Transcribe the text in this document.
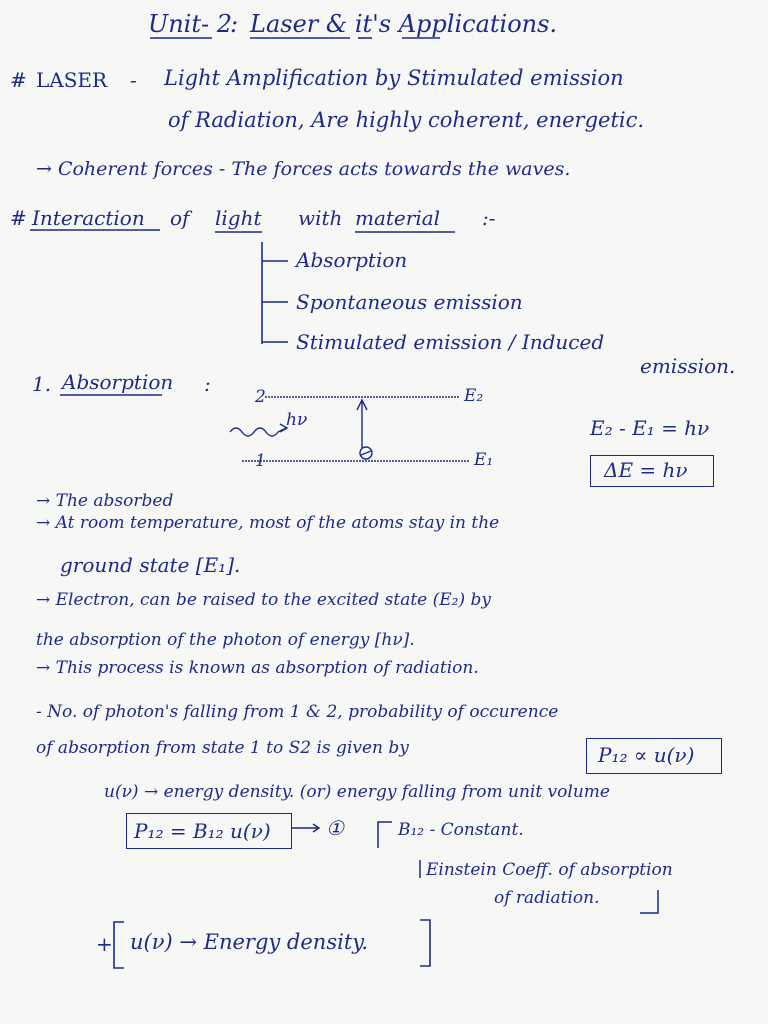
Unit- 2
: Laser & it's Applications.
# LASER - Light Amplification by Stimulated emission
of Radiation, Are highly coherent, energetic.
→ Coherent forces - The forces acts towards the waves.
# Interaction of light with material :-
Absorption
Spontaneous emission
Stimulated emission / Induced
emission.
1. Absorption :
2
1
E₂
E₁
hν	E₂ - E₁ = hν
ΔE = hν
→ The absorbed
→ At room temperature, most of the atoms stay in the
ground state [E₁].
→ Electron, can be raised to the excited state (E₂) by
the absorption of the photon of energy [hν].
→ This process is known as absorption of radiation.
- No. of photon's falling from 1 & 2, probability of occurence
of absorption from state 1 to S2 is given by	P₁₂ ∝ u(ν)
u(ν) → energy density. (or) energy falling from unit volume
P₁₂ = B₁₂ u(ν)	①	B₁₂ - Constant.
Einstein Coeff. of absorption
of radiation.
+ u(ν) → Energy density.
